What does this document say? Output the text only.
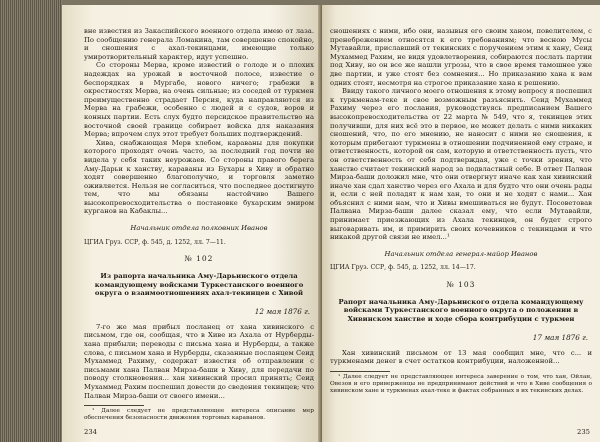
вне известия из Закаспийского военного отдела имею от лаза. По сообщению генерала Ломакина, там совершенно спокойно, и сношения с ахал-текинцами, имеющие только умиротворительный характер, идут успешно.

Со стороны Мерва, кроме известий о голоде и о плохих надеждах на урожай в восточной полосе, известие о беспорядках в Мургабе, нового ничего; грабежи в окрестностях Мерва, на очень сильные; из соседей от туркмен преимущественно страдает Персия, куда направляются из Мерва на грабежи, особенно с людей и с судов, воров и конных партии. Есть слух будто персидское правительство на восточной своей границе собирает войска для наказания Мерва; впрочем слух этот требует больших подтверждений.

Хива, снабжающая Мерв хлебом, караваны для покупки которого проходят очень часто, за последний год почти не видела у себя таких неурожаев. Со стороны правого берега Аму-Дарьи к ханству, караваны из Бухары в Хиву и обратно ходят совершенно благополучно, и торговля заметно оживляется. Нельзя не согласиться, что последнее достигнуто тем, что мы обязаны настойчиво Вашего высокопревосходительства о постановке бухарским эмиром курганов на Кабаклы...

Начальник отдела полковник Иванов

ЦГИА Груз. ССР, ф. 545, д. 1252, лл. 7—11.

№ 102

Из рапорта начальника Аму-Дарьинского отдела командующему войсками Туркестанского военного округа о взаимоотношениях ахал-текинцев с Хивой

12 мая 1876 г.

7-го же мая прибыл посланец от хана хивинского с письмом, где он, сообщая, что в Хиве из Ахала от Нурберды-хана прибыли; переводы с письма хана и Нурберды, а также слова, с письмом хана и Нурберды, сказанные посланцем Сеид Мухаммед Рахиму, содержат известия об отправлении с письмами хана Палван Мирза-баши в Хиву, для передачи по поводу столкновения... хан хивинский просил принять; Сеид Мухаммед Рахим поспешил довести до сведения текинцев; что Палван Мирза-баши от своего имени...

¹ Далее следует не представляющее интереса описание мер обеспечения безопасности движения торговых караванов.

234

сношениях с ними, ибо они, назывыя его своим ханом, повелителем, с пренебрежением относятся к его требованиям; что весною Мусы Мутавайли, приславший от текинских с поручением этим к хану, Сеид Мухаммед Рахим, не видя удовлетворения, собираются послать партии под Хиву, но он все же нашли угрозы, что в свое время тамошнее уже две партии, и уже стоят без сомнения... Но приказанию хана к вам одних стоят, несмотря на строгое приказание хана к решению.

Ввиду такого личного моего отношения к этому вопросу я поспешил к туркменам-теке и свое возможным разъяснить. Сеид Мухаммед Рахиму через его послания, руководствуясь предписанием Вашего высокопревосходительства от 22 марта № 549, что я, текинцев этих получивши, для них всё это в первое, не может делать с ними никаких сношений, что, по его мнению, не наносит с ними не сношения, к которым прибегают туркмены в отношении подчиненной ему стране, и ответственность, которой он сам, которую и ответственность пусть, что он ответственность от себя подтверждая, уже с точки зрения, что ханство считает текинский народ за подвластный себе. В ответ Палван Мирза-баши доложил мне, что они отвергнут иначе как хан хивинский иначе хан сдал ханство через его Ахала и для будто что они очень рады и, если с ней поладят к нам хан, то они и не ходят с нами... Хан объяснил с ними нам, что и Хивы вмешиваться не будут. Посоветовав Палвана Мирза-баши далее сказал ему, что если Мутавайли, принимает приезжающих из Ахала текинцев, он будет строго выговаривать им, и примирить своих кочевников с текинцами и что никакой другой связи не имел...¹

Начальник отдела генерал-майор Иванов

ЦГИА Груз. ССР, ф. 545, д. 1252, лл. 14—17.

№ 103

Рапорт начальника Аму-Дарьинского отдела командующему войсками Туркестанского военного округа о положении в Хивинском ханстве и ходе сбора контрибуции с туркмен

17 мая 1876 г.

Хан хивинский письмом от 13 мая сообщил мне, что с... и туркменами денег в счет остатков контрибуции, наложенной...

¹ Далее следует не представляющее интереса заверение о том, что хан, Ойлан, Овезов и его приверженцы не предпринимают действий и что в Хиве сообщения о хивинском хане и туркменах ахал-теке и фактах собранных в их текинских делах.

235
